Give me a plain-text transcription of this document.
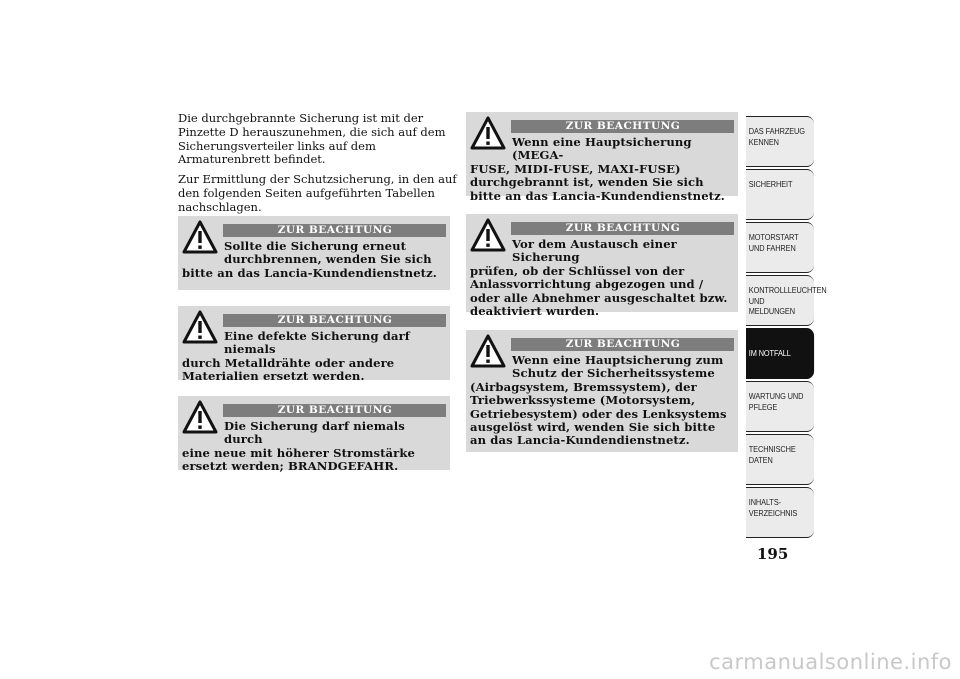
Die durchgebrannte Sicherung ist mit der Pinzette D herauszunehmen, die sich auf dem Sicherungsverteiler links auf dem Armaturenbrett befindet.

Zur Ermittlung der Schutzsicherung, in den auf den folgenden Seiten aufgeführten Tabellen nachschlagen.

ZUR BEACHTUNG
Sollte die Sicherung erneut
durchbrennen, wenden Sie sich bitte an das Lancia-Kundendienstnetz.
ZUR BEACHTUNG
Eine defekte Sicherung darf niemals
durch Metalldrähte oder andere Materialien ersetzt werden.
ZUR BEACHTUNG
Die Sicherung darf niemals durch
eine neue mit höherer Stromstärke ersetzt werden; BRANDGEFAHR.
ZUR BEACHTUNG
Wenn eine Hauptsicherung (MEGA-
FUSE, MIDI-FUSE, MAXI-FUSE) durchgebrannt ist, wenden Sie sich bitte an das Lancia-Kundendienstnetz.
ZUR BEACHTUNG
Vor dem Austausch einer Sicherung
prüfen, ob der Schlüssel von der Anlassvorrichtung abgezogen und / oder alle Abnehmer ausgeschaltet bzw. deaktiviert wurden.
ZUR BEACHTUNG
Wenn eine Hauptsicherung zum
Schutz der Sicherheitssysteme (Airbagsystem, Bremssystem), der Triebwerkssysteme (Motorsystem, Getriebesystem) oder des Lenksystems ausgelöst wird, wenden Sie sich bitte an das Lancia-Kundendienstnetz.
DAS FAHRZEUG KENNEN
SICHERHEIT
MOTORSTART UND FAHREN
KONTROLLLEUCHTEN UND MELDUNGEN
IM NOTFALL
WARTUNG UND PFLEGE
TECHNISCHE DATEN
INHALTS-VERZEICHNIS
195
carmanualsonline.info
